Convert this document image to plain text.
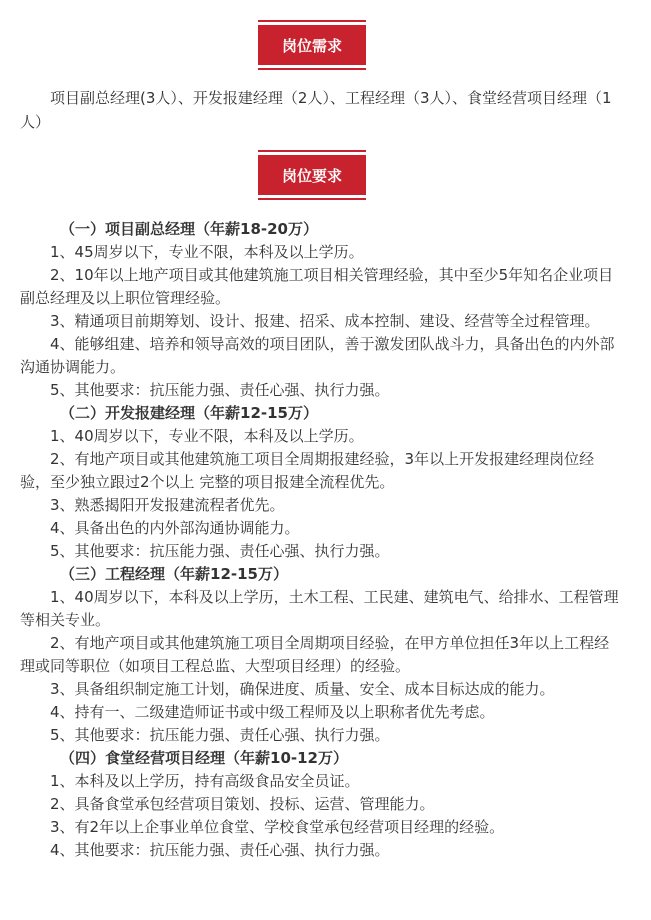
岗位需求

项目副总经理(3人）、开发报建经理（2人）、工程经理（3人）、食堂经营项目经理（1人）

岗位要求
（一）项目副总经理（年薪18-20万）

1、45周岁以下，专业不限，本科及以上学历。

2、10年以上地产项目或其他建筑施工项目相关管理经验，其中至少5年知名企业项目副总经理及以上职位管理经验。

3、精通项目前期筹划、设计、报建、招采、成本控制、建设、经营等全过程管理。

4、能够组建、培养和领导高效的项目团队，善于激发团队战斗力，具备出色的内外部沟通协调能力。

5、其他要求：抗压能力强、责任心强、执行力强。

（二）开发报建经理（年薪12-15万）

1、40周岁以下，专业不限，本科及以上学历。

2、有地产项目或其他建筑施工项目全周期报建经验，3年以上开发报建经理岗位经验，至少独立跟过2个以上 完整的项目报建全流程优先。

3、熟悉揭阳开发报建流程者优先。

4、具备出色的内外部沟通协调能力。

5、其他要求：抗压能力强、责任心强、执行力强。

（三）工程经理（年薪12-15万）

1、40周岁以下，本科及以上学历，土木工程、工民建、建筑电气、给排水、工程管理等相关专业。

2、有地产项目或其他建筑施工项目全周期项目经验，在甲方单位担任3年以上工程经理或同等职位（如项目工程总监、大型项目经理）的经验。

3、具备组织制定施工计划，确保进度、质量、安全、成本目标达成的能力。

4、持有一、二级建造师证书或中级工程师及以上职称者优先考虑。

5、其他要求：抗压能力强、责任心强、执行力强。

（四）食堂经营项目经理（年薪10-12万）

1、本科及以上学历，持有高级食品安全员证。

2、具备食堂承包经营项目策划、投标、运营、管理能力。

3、有2年以上企事业单位食堂、学校食堂承包经营项目经理的经验。

4、其他要求：抗压能力强、责任心强、执行力强。
